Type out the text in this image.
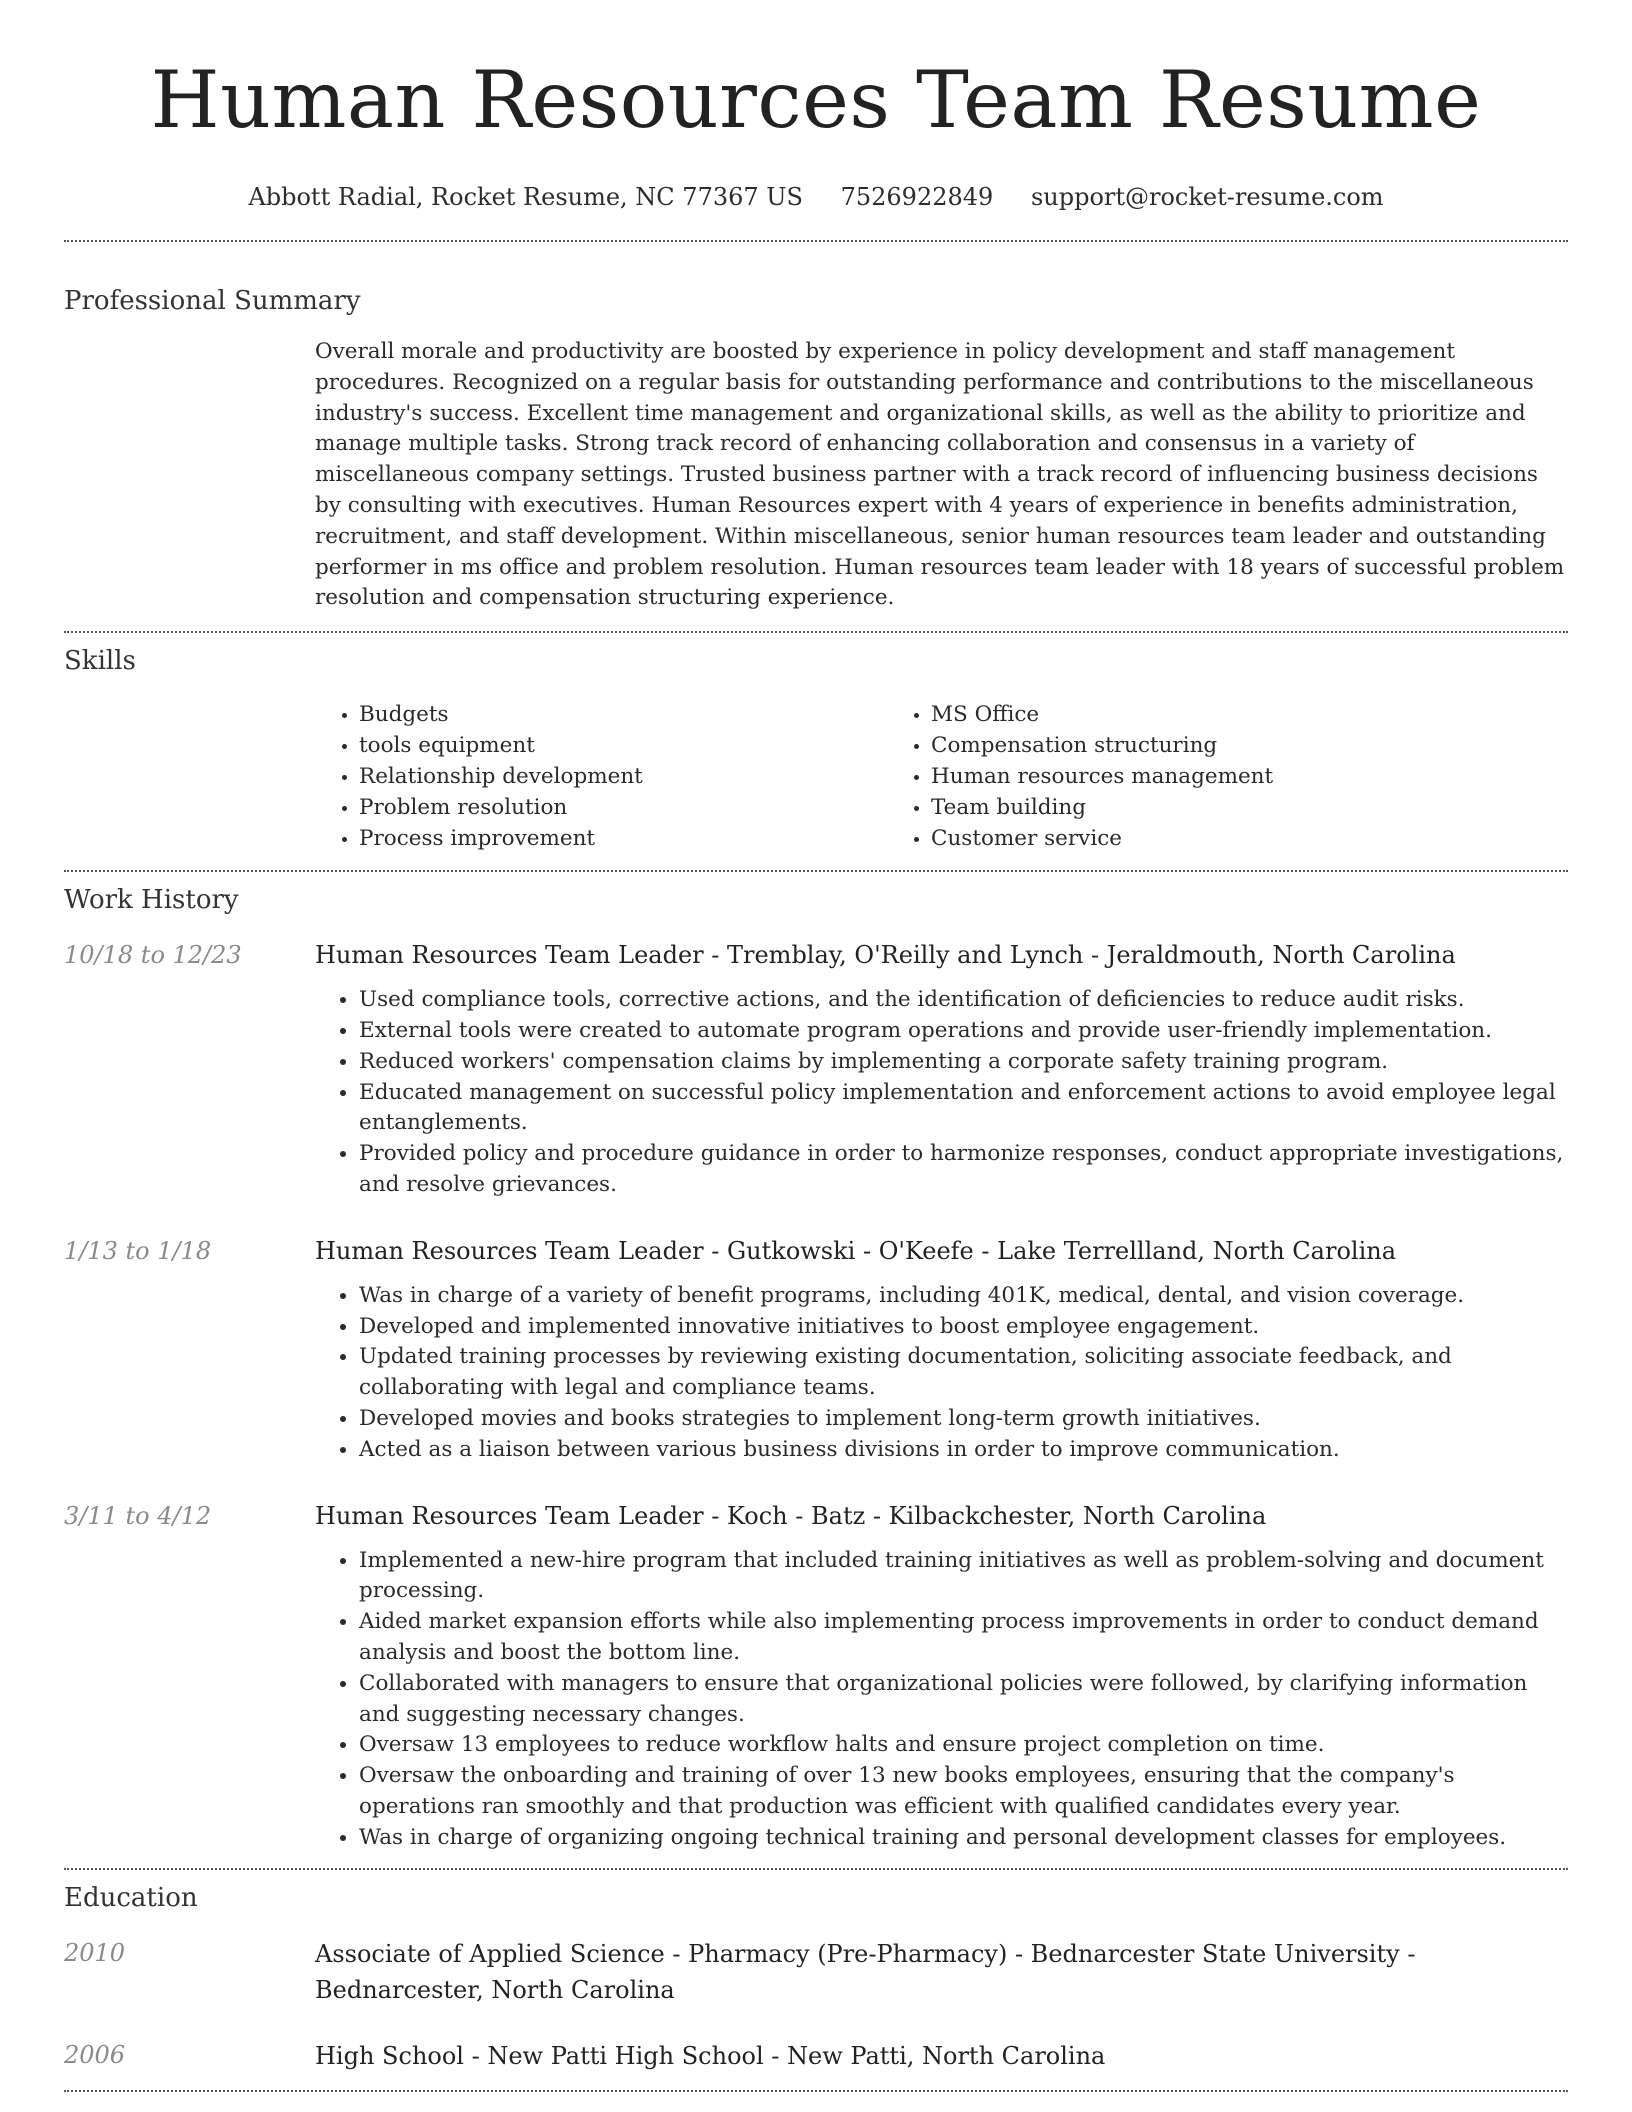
Human Resources Team Resume
Abbott Radial, Rocket Resume, NC 77367 US 7526922849 support@rocket-resume.com
Professional Summary

Overall morale and productivity are boosted by experience in policy development and staff management procedures. Recognized on a regular basis for outstanding performance and contributions to the miscellaneous industry's success. Excellent time management and organizational skills, as well as the ability to prioritize and manage multiple tasks. Strong track record of enhancing collaboration and consensus in a variety of miscellaneous company settings. Trusted business partner with a track record of influencing business decisions by consulting with executives. Human Resources expert with 4 years of experience in benefits administration, recruitment, and staff development. Within miscellaneous, senior human resources team leader and outstanding performer in ms office and problem resolution. Human resources team leader with 18 years of successful problem resolution and compensation structuring experience.

Skills
• Budgets
• tools equipment
• Relationship development
• Problem resolution
• Process improvement
• MS Office
• Compensation structuring
• Human resources management
• Team building
• Customer service
Work History
10/18 to 12/23	Human Resources Team Leader - Tremblay, O'Reilly and Lynch - Jeraldmouth, North Carolina

• Used compliance tools, corrective actions, and the identification of deficiencies to reduce audit risks.
• External tools were created to automate program operations and provide user-friendly implementation.
• Reduced workers' compensation claims by implementing a corporate safety training program.
• Educated management on successful policy implementation and enforcement actions to avoid employee legal entanglements.
• Provided policy and procedure guidance in order to harmonize responses, conduct appropriate investigations, and resolve grievances.
1/13 to 1/18	Human Resources Team Leader - Gutkowski - O'Keefe - Lake Terrellland, North Carolina

• Was in charge of a variety of benefit programs, including 401K, medical, dental, and vision coverage.
• Developed and implemented innovative initiatives to boost employee engagement.
• Updated training processes by reviewing existing documentation, soliciting associate feedback, and collaborating with legal and compliance teams.
• Developed movies and books strategies to implement long-term growth initiatives.
• Acted as a liaison between various business divisions in order to improve communication.
3/11 to 4/12	Human Resources Team Leader - Koch - Batz - Kilbackchester, North Carolina

• Implemented a new-hire program that included training initiatives as well as problem-solving and document processing.
• Aided market expansion efforts while also implementing process improvements in order to conduct demand analysis and boost the bottom line.
• Collaborated with managers to ensure that organizational policies were followed, by clarifying information and suggesting necessary changes.
• Oversaw 13 employees to reduce workflow halts and ensure project completion on time.
• Oversaw the onboarding and training of over 13 new books employees, ensuring that the company's operations ran smoothly and that production was efficient with qualified candidates every year.
• Was in charge of organizing ongoing technical training and personal development classes for employees.
Education
2010	Associate of Applied Science - Pharmacy (Pre-Pharmacy) - Bednarcester State University - Bednarcester, North Carolina

2006	High School - New Patti High School - New Patti, North Carolina
